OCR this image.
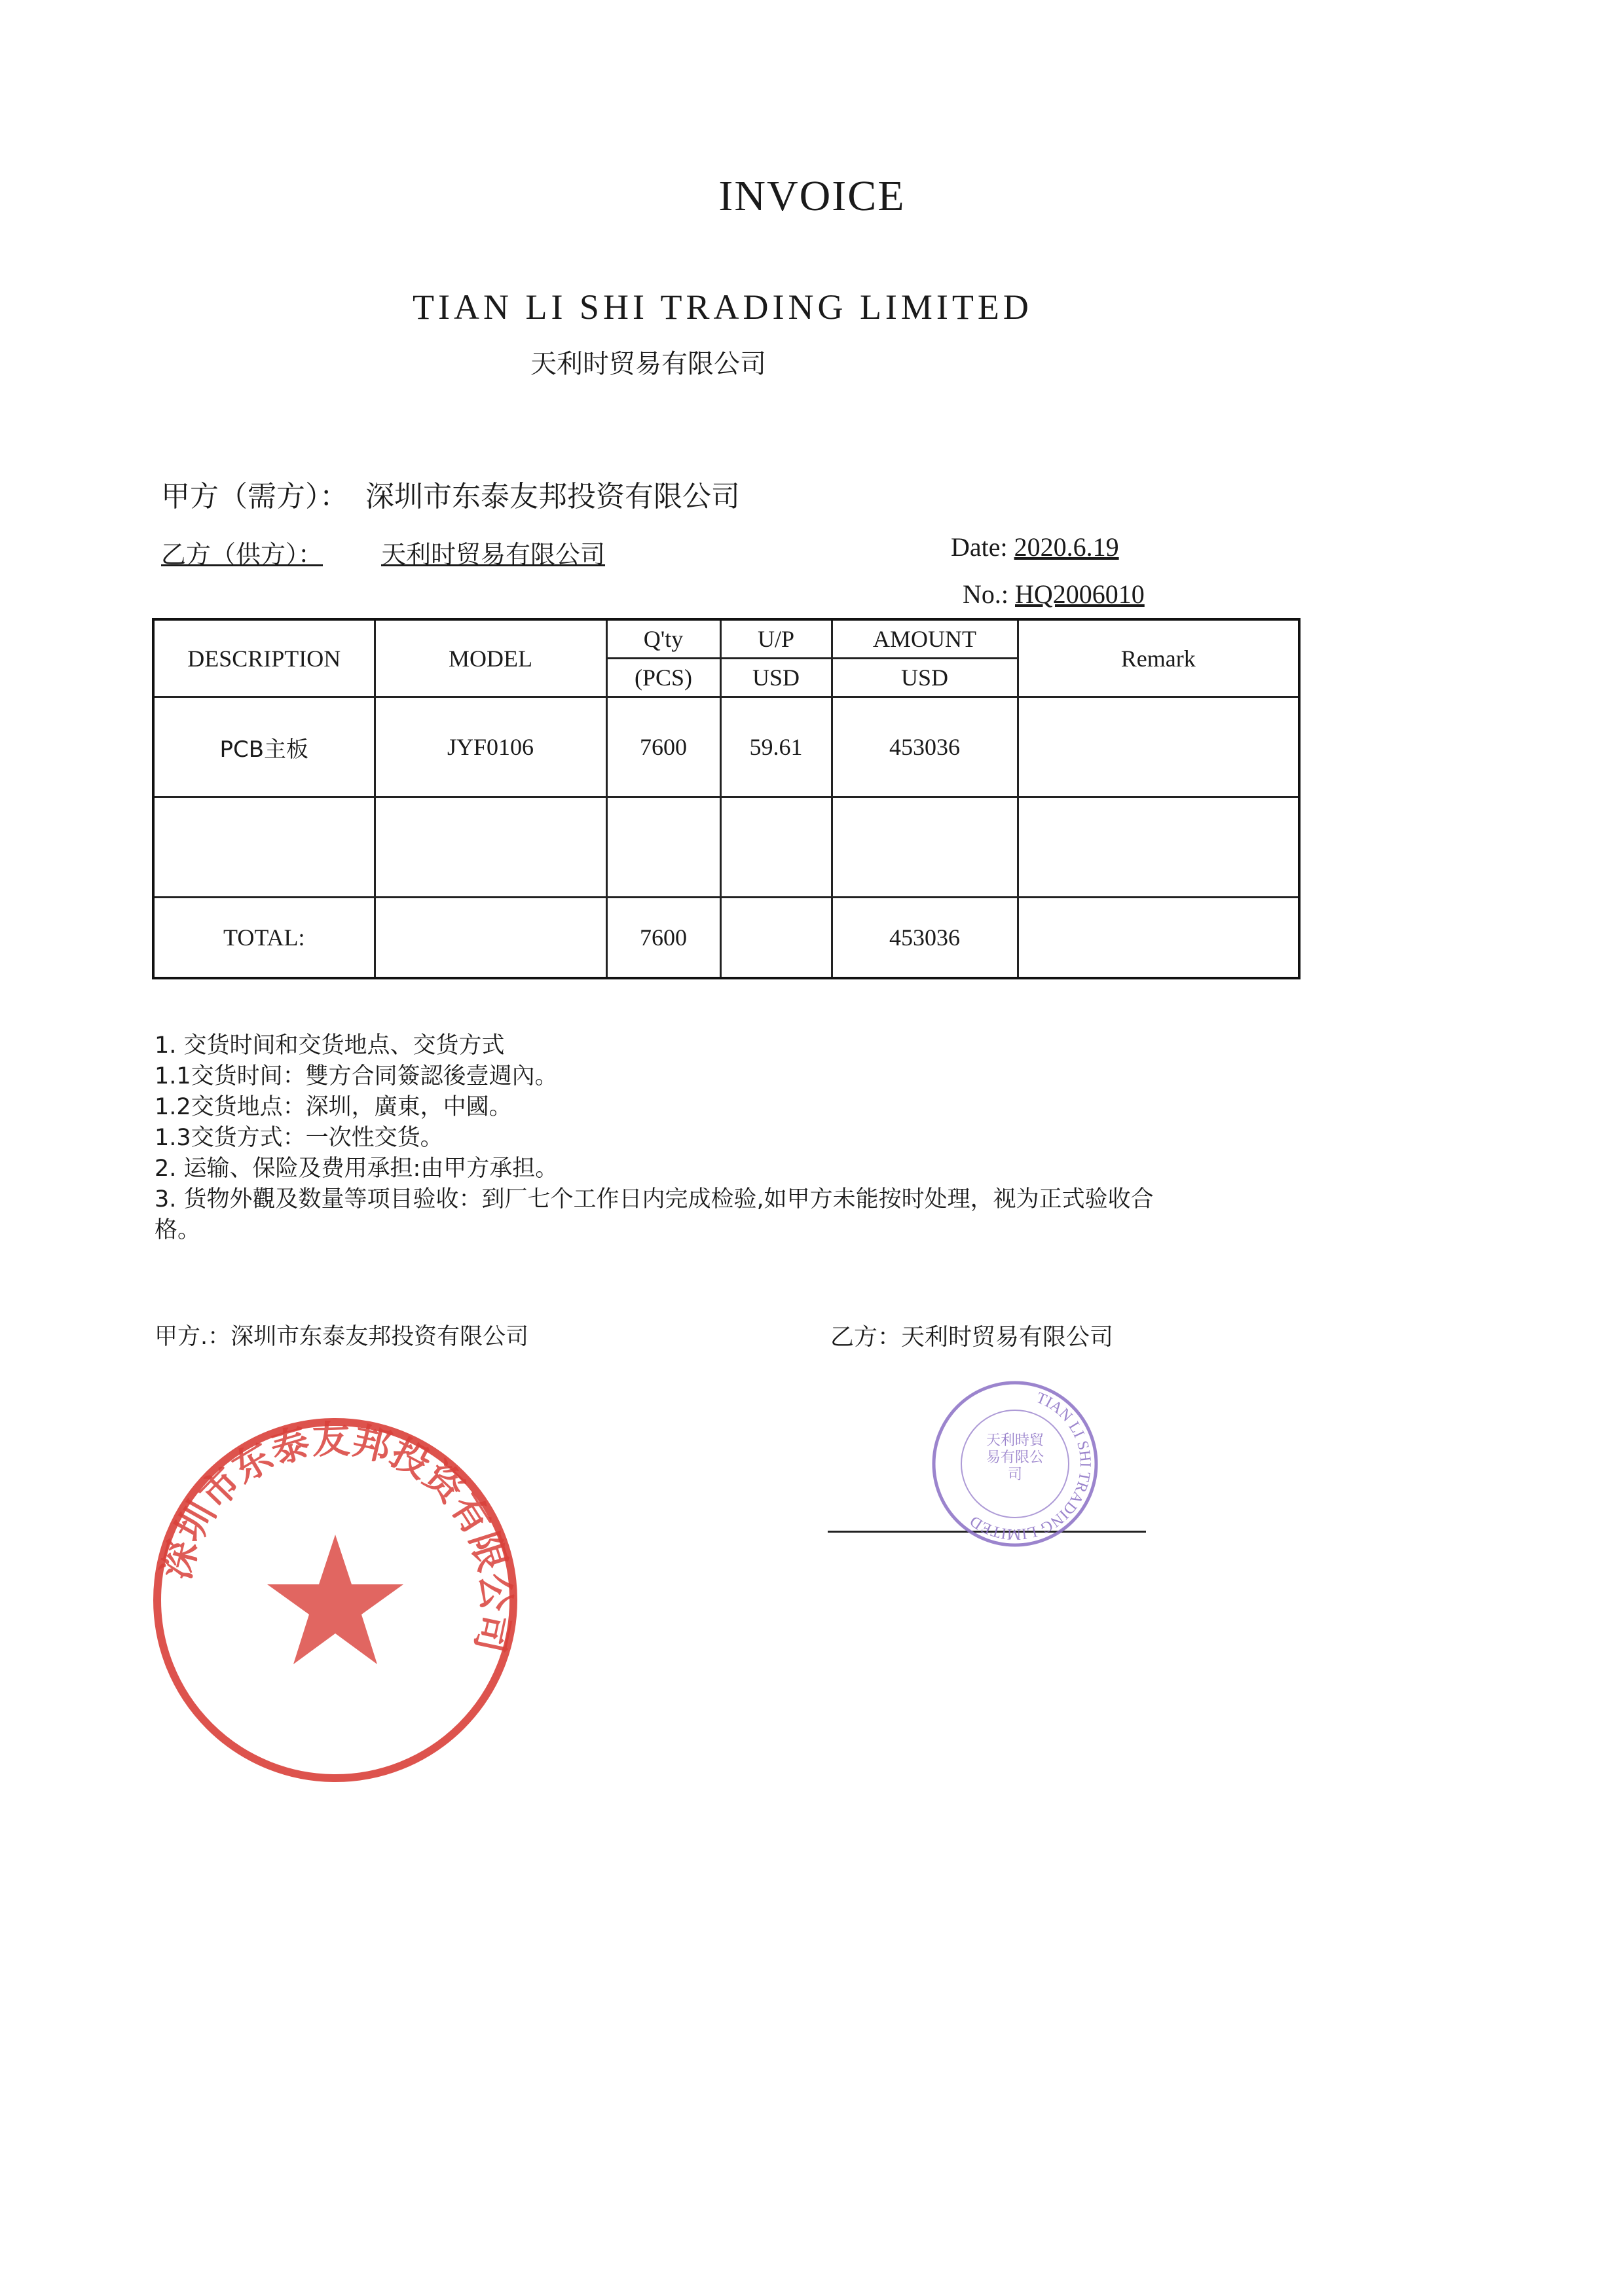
INVOICE
TIAN LI SHI TRADING LIMITED
天利时贸易有限公司
甲方（需方）： 深圳市东泰友邦投资有限公司
乙方（供方）： 天利时贸易有限公司	Date: 2020.6.19
No.: HQ2006010
DESCRIPTION	MODEL	Q'ty	U/P	AMOUNT	Remark
		(PCS)	USD	USD	
PCB主板	JYF0106	7600	59.61	453036	

TOTAL:		7600		453036	
1. 交货时间和交货地点、交货方式
1.1交货时间：雙方合同簽認後壹週內。
1.2交货地点：深圳，廣東，中國。
1.3交货方式：一次性交货。
2. 运输、保险及费用承担:由甲方承担。
3. 货物外觀及数量等项目验收：到厂七个工作日内完成检验,如甲方未能按时处理，视为正式验收合
格。
甲方.：深圳市东泰友邦投资有限公司	乙方：天利时贸易有限公司
深圳市东泰友邦投资有限公司
TIAN LI SHI TRADING LIMITED
天利時貿易有限公司
